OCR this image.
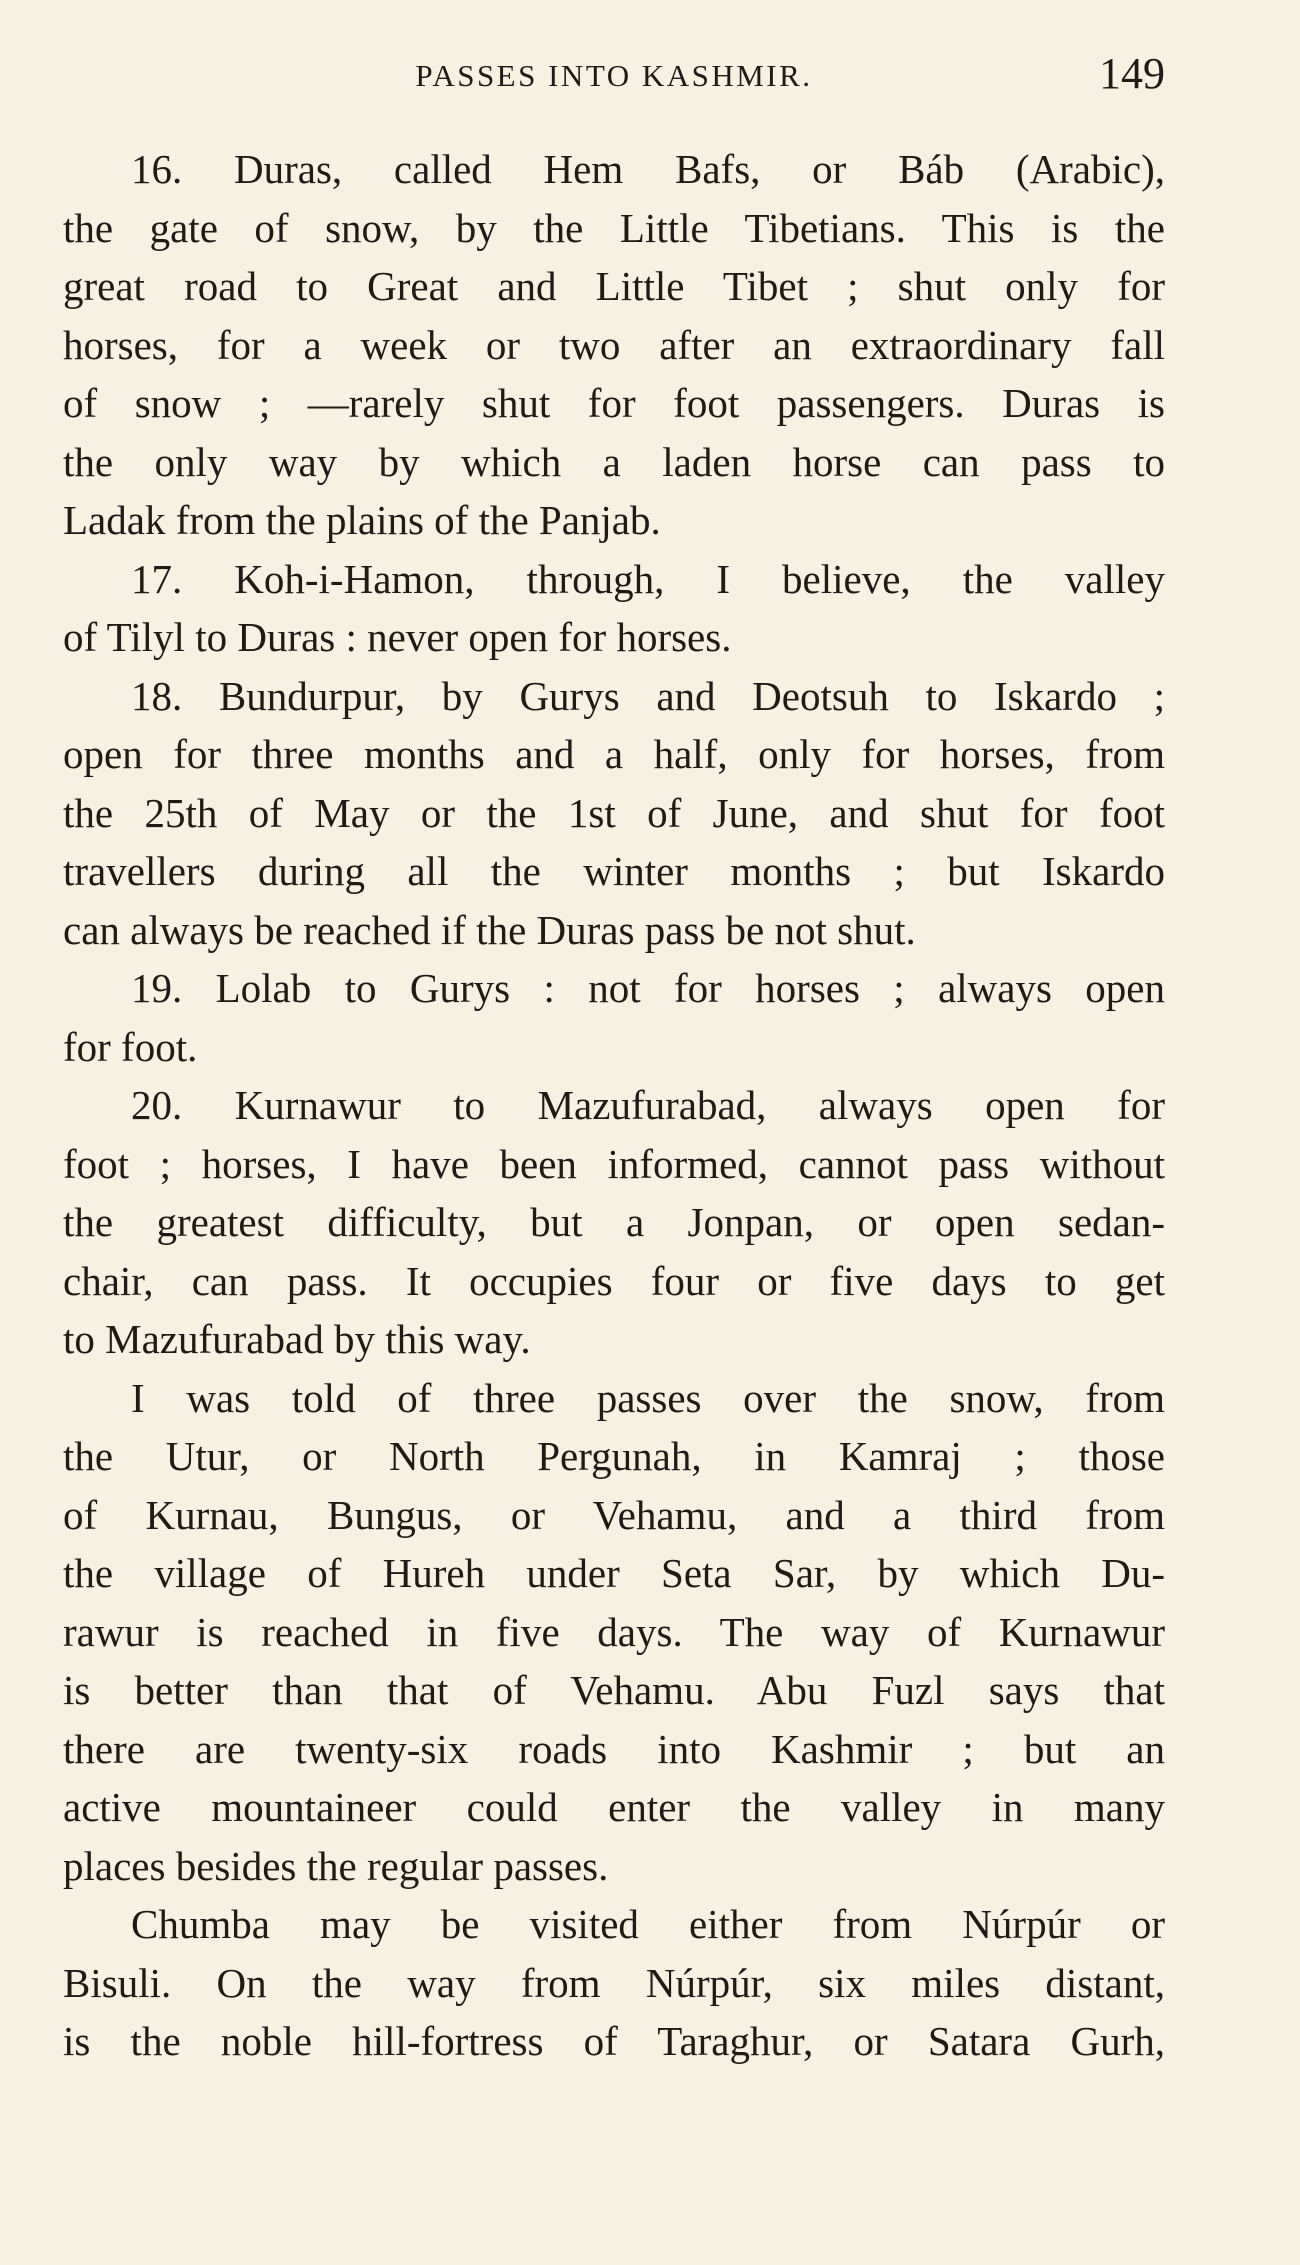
PASSES INTO KASHMIR.	149
16. Duras, called Hem Bafs, or Báb (Arabic),
the gate of snow, by the Little Tibetians. This is the
great road to Great and Little Tibet ; shut only for
horses, for a week or two after an extraordinary fall
of snow ; —rarely shut for foot passengers. Duras is
the only way by which a laden horse can pass to
Ladak from the plains of the Panjab.
17. Koh-i-Hamon, through, I believe, the valley
of Tilyl to Duras : never open for horses.
18. Bundurpur, by Gurys and Deotsuh to Iskardo ;
open for three months and a half, only for horses, from
the 25th of May or the 1st of June, and shut for foot
travellers during all the winter months ; but Iskardo
can always be reached if the Duras pass be not shut.
19. Lolab to Gurys : not for horses ; always open
for foot.
20. Kurnawur to Mazufurabad, always open for
foot ; horses, I have been informed, cannot pass without
the greatest difficulty, but a Jonpan, or open sedan-
chair, can pass. It occupies four or five days to get
to Mazufurabad by this way.
I was told of three passes over the snow, from
the Utur, or North Pergunah, in Kamraj ; those
of Kurnau, Bungus, or Vehamu, and a third from
the village of Hureh under Seta Sar, by which Du-
rawur is reached in five days. The way of Kurnawur
is better than that of Vehamu. Abu Fuzl says that
there are twenty-six roads into Kashmir ; but an
active mountaineer could enter the valley in many
places besides the regular passes.
Chumba may be visited either from Núrpúr or
Bisuli. On the way from Núrpúr, six miles distant,
is the noble hill-fortress of Taraghur, or Satara Gurh,
